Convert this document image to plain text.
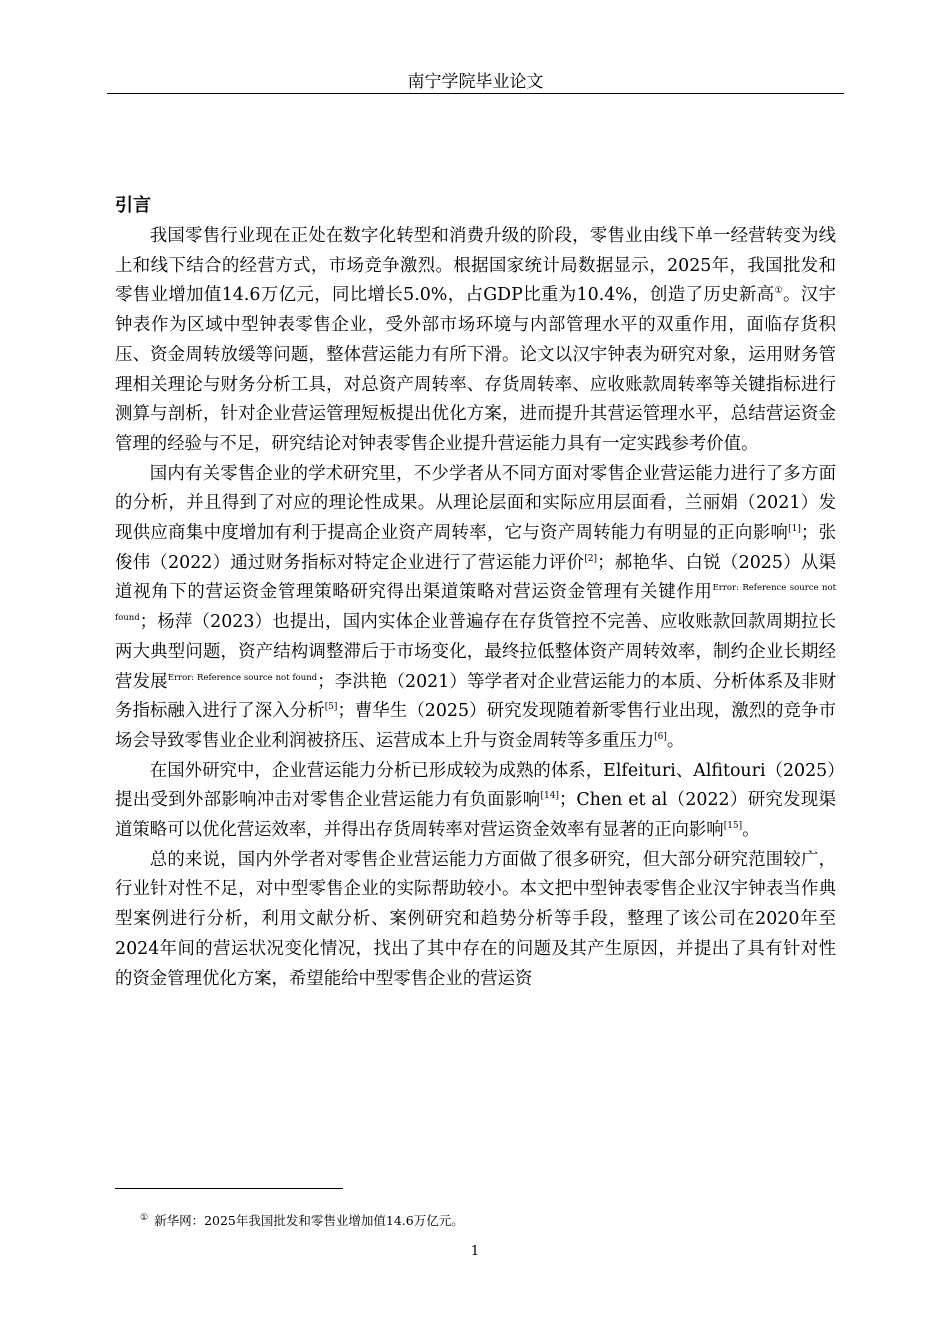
南宁学院毕业论文
引言

我国零售行业现在正处在数字化转型和消费升级的阶段，零售业由线下单一经营转变为线上和线下结合的经营方式，市场竞争激烈。根据国家统计局数据显示，2025年，我国批发和零售业增加值14.6万亿元，同比增长5.0%，占GDP比重为10.4%，创造了历史新高①。汉宇钟表作为区域中型钟表零售企业，受外部市场环境与内部管理水平的双重作用，面临存货积压、资金周转放缓等问题，整体营运能力有所下滑。论文以汉宇钟表为研究对象，运用财务管理相关理论与财务分析工具，对总资产周转率、存货周转率、应收账款周转率等关键指标进行测算与剖析，针对企业营运管理短板提出优化方案，进而提升其营运管理水平，总结营运资金管理的经验与不足，研究结论对钟表零售企业提升营运能力具有一定实践参考价值。

国内有关零售企业的学术研究里，不少学者从不同方面对零售企业营运能力进行了多方面的分析，并且得到了对应的理论性成果。从理论层面和实际应用层面看，兰丽娟（2021）发现供应商集中度增加有利于提高企业资产周转率，它与资产周转能力有明显的正向影响[1]；张俊伟（2022）通过财务指标对特定企业进行了营运能力评价[2]；郝艳华、白锐（2025）从渠道视角下的营运资金管理策略研究得出渠道策略对营运资金管理有关键作用$^{Error: Reference source not found}$；杨萍（2023）也提出，国内实体企业普遍存在存货管控不完善、应收账款回款周期拉长两大典型问题，资产结构调整滞后于市场变化，最终拉低整体资产周转效率，制约企业长期经营发展$^{Error: Reference source not found}$；李洪艳（2021）等学者对企业营运能力的本质、分析体系及非财务指标融入进行了深入分析[5]；曹华生（2025）研究发现随着新零售行业出现，激烈的竞争市场会导致零售业企业利润被挤压、运营成本上升与资金周转等多重压力[6]。

在国外研究中，企业营运能力分析已形成较为成熟的体系，Elfeituri、Alfitouri（2025）提出受到外部影响冲击对零售企业营运能力有负面影响[14]；Chen et al（2022）研究发现渠道策略可以优化营运效率，并得出存货周转率对营运资金效率有显著的正向影响[15]。

总的来说，国内外学者对零售企业营运能力方面做了很多研究，但大部分研究范围较广，行业针对性不足，对中型零售企业的实际帮助较小。本文把中型钟表零售企业汉宇钟表当作典型案例进行分析，利用文献分析、案例研究和趋势分析等手段，整理了该公司在2020年至2024年间的营运状况变化情况，找出了其中存在的问题及其产生原因，并提出了具有针对性的资金管理优化方案，希望能给中型零售企业的营运资

① 新华网：2025年我国批发和零售业增加值14.6万亿元。
1
